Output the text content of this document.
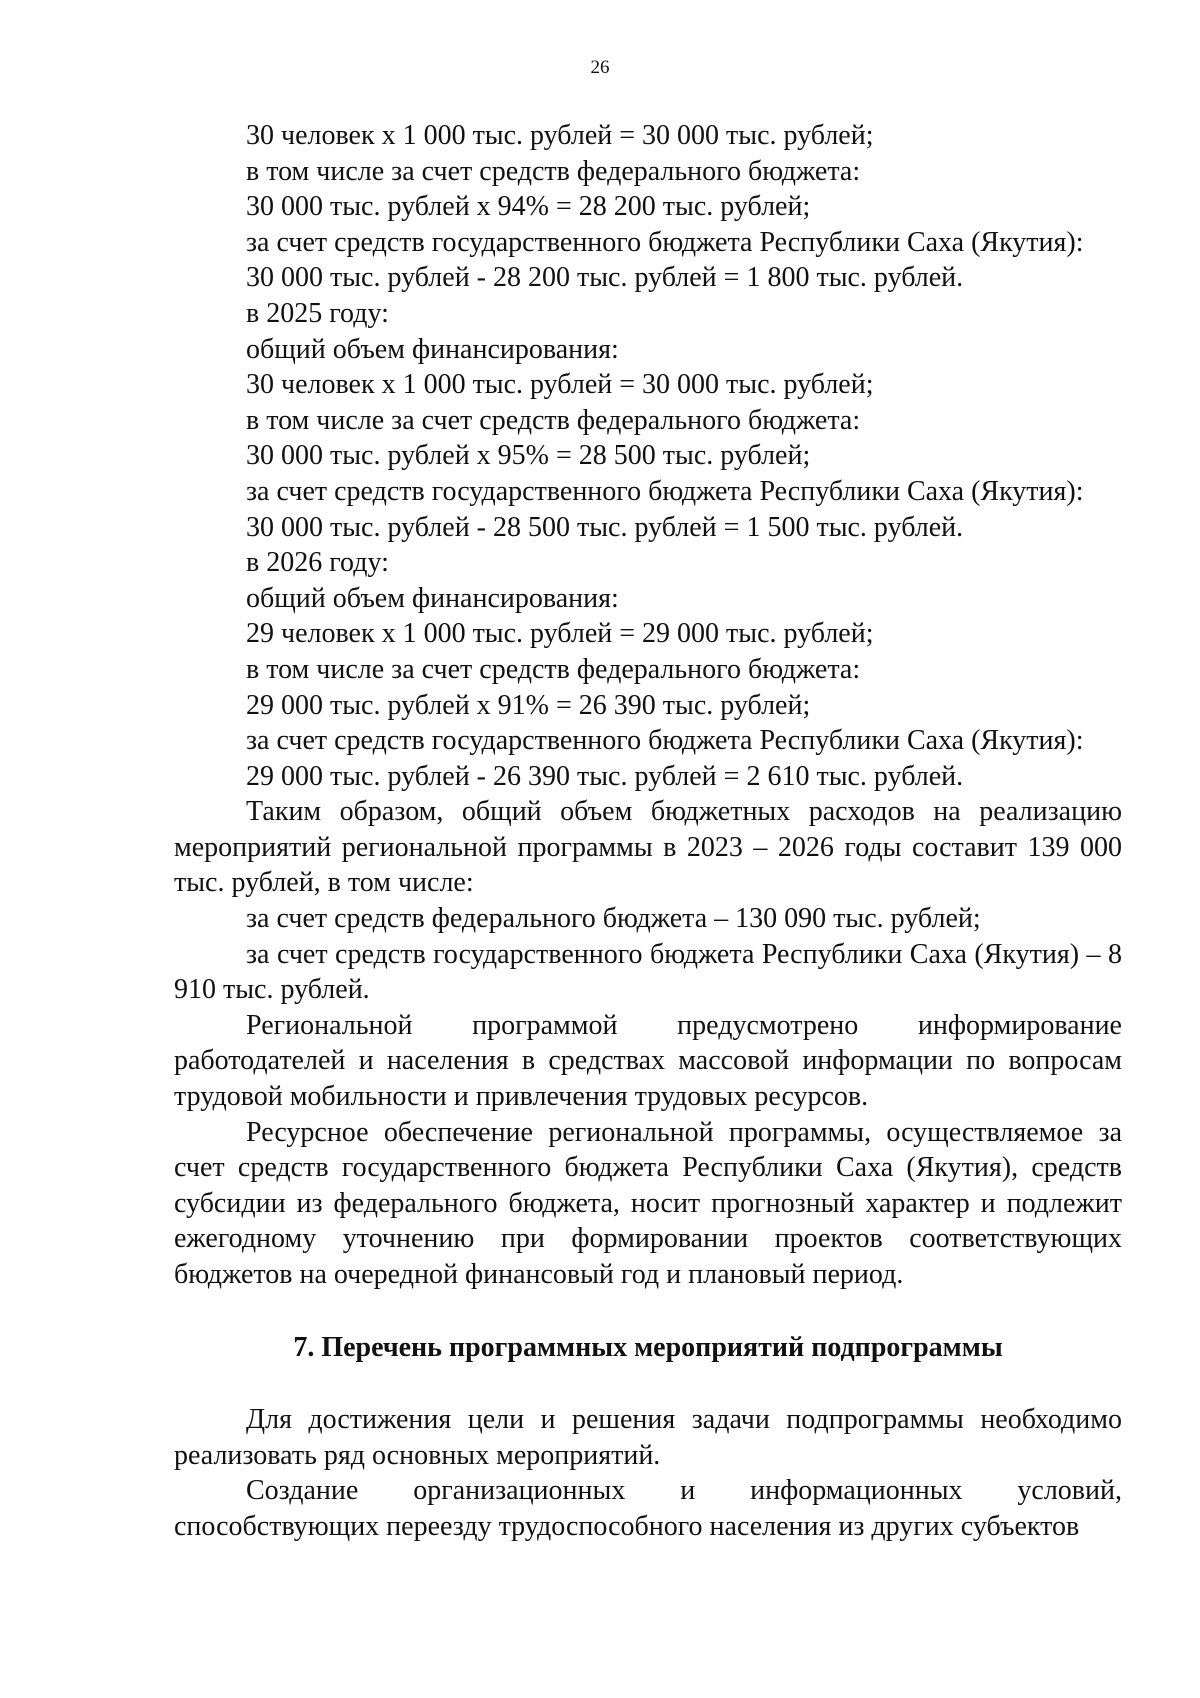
26
30 человек x 1 000 тыс. рублей = 30 000 тыс. рублей;
в том числе за счет средств федерального бюджета:
30 000 тыс. рублей x 94% = 28 200 тыс. рублей;
за счет средств государственного бюджета Республики Саха (Якутия):
30 000 тыс. рублей - 28 200 тыс. рублей = 1 800 тыс. рублей.
в 2025 году:
общий объем финансирования:
30 человек x 1 000 тыс. рублей = 30 000 тыс. рублей;
в том числе за счет средств федерального бюджета:
30 000 тыс. рублей x 95% = 28 500 тыс. рублей;
за счет средств государственного бюджета Республики Саха (Якутия):
30 000 тыс. рублей - 28 500 тыс. рублей = 1 500 тыс. рублей.
в 2026 году:
общий объем финансирования:
29 человек x 1 000 тыс. рублей = 29 000 тыс. рублей;
в том числе за счет средств федерального бюджета:
29 000 тыс. рублей x 91% = 26 390 тыс. рублей;
за счет средств государственного бюджета Республики Саха (Якутия):
29 000 тыс. рублей - 26 390 тыс. рублей = 2 610 тыс. рублей.
Таким образом, общий объем бюджетных расходов на реализацию мероприятий региональной программы в 2023 – 2026 годы составит 139 000 тыс. рублей, в том числе:
за счет средств федерального бюджета – 130 090 тыс. рублей;
за счет средств государственного бюджета Республики Саха (Якутия) – 8 910 тыс. рублей.
Региональной программой предусмотрено информирование работодателей и населения в средствах массовой информации по вопросам трудовой мобильности и привлечения трудовых ресурсов.
Ресурсное обеспечение региональной программы, осуществляемое за счет средств государственного бюджета Республики Саха (Якутия), средств субсидии из федерального бюджета, носит прогнозный характер и подлежит ежегодному уточнению при формировании проектов соответствующих бюджетов на очередной финансовый год и плановый период.
7. Перечень программных мероприятий подпрограммы
Для достижения цели и решения задачи подпрограммы необходимо реализовать ряд основных мероприятий.
Создание организационных и информационных условий, способствующих переезду трудоспособного населения из других субъектов
